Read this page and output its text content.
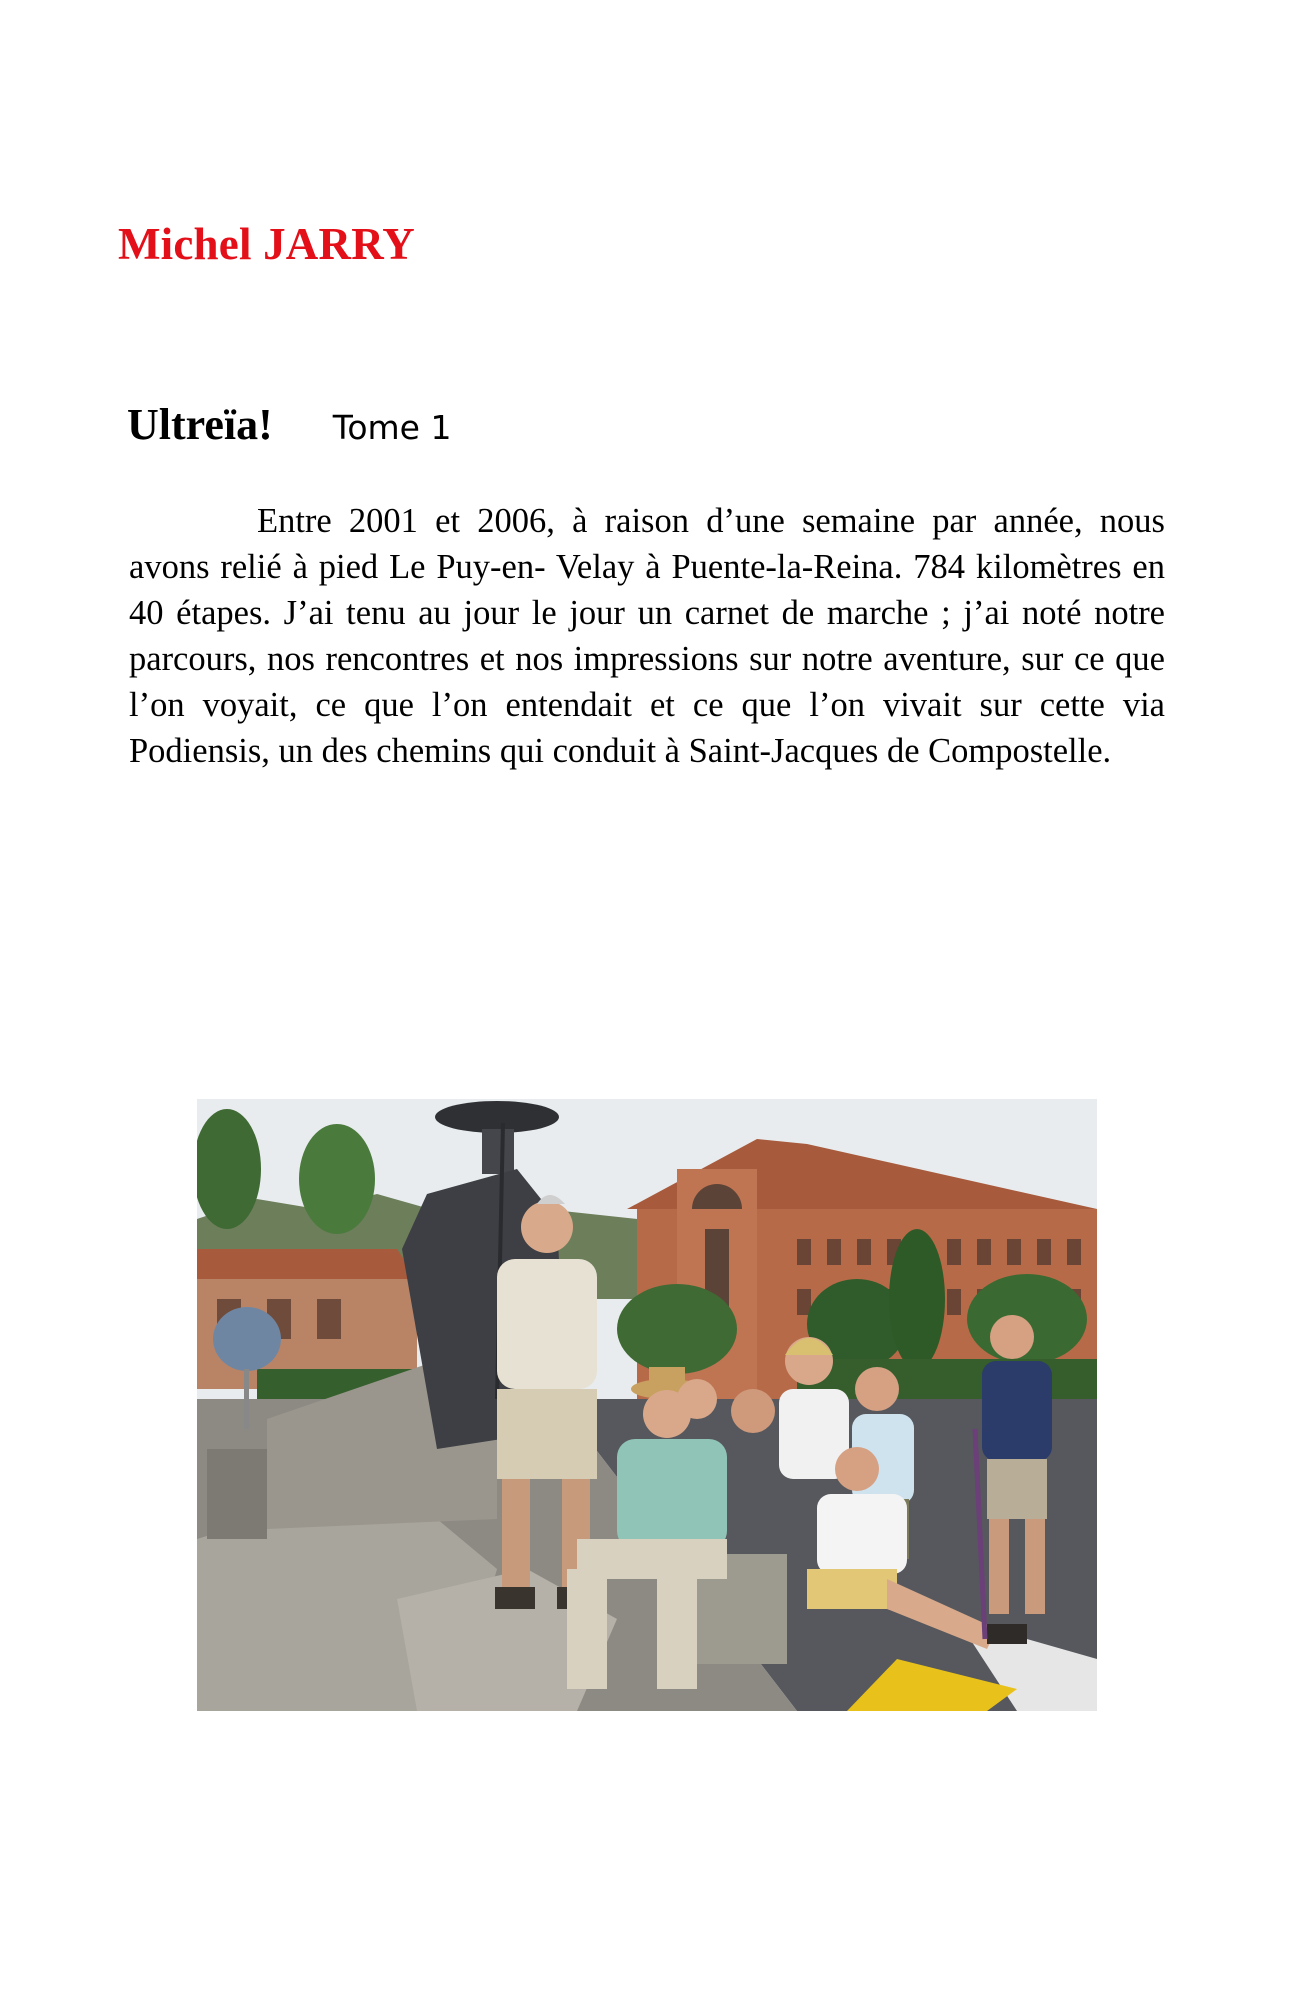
Michel JARRY
Ultreïa! Tome 1

Entre 2001 et 2006, à raison d’une semaine par année, nous avons relié à pied Le Puy-en- Velay à Puente-la-Reina. 784 kilomètres en 40 étapes. J’ai tenu au jour le jour un carnet de marche ; j’ai noté notre parcours, nos rencontres et nos impressions sur notre aventure, sur ce que l’on voyait, ce que l’on entendait et ce que l’on vivait sur cette via Podiensis, un des chemins qui conduit à Saint-Jacques de Compostelle.
